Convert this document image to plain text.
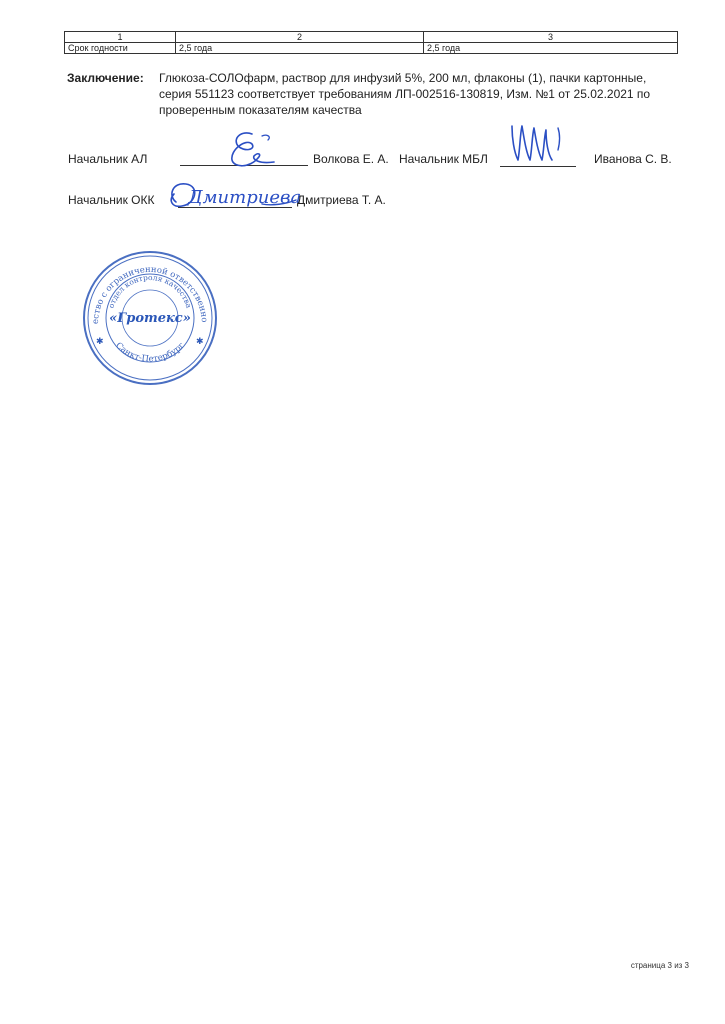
1	2	3
Срок годности	2,5 года	2,5 года
Заключение: Глюкоза-СОЛОфарм, раствор для инфузий 5%, 200 мл, флаконы (1), пачки картонные, серия 551123 соответствует требованиям ЛП-002516-130819, Изм. №1 от 25.02.2021 по проверенным показателям качества
Начальник АЛ	Волкова Е. А. Начальник МБЛ	Иванова С. В.
Начальник ОКК Дмитриева
Дмитриева Т. А.
Общество с ограниченной ответственностью
отдел контроля качества
«Гротекс»
Санкт-Петербург
✱	✱
страница 3 из 3
